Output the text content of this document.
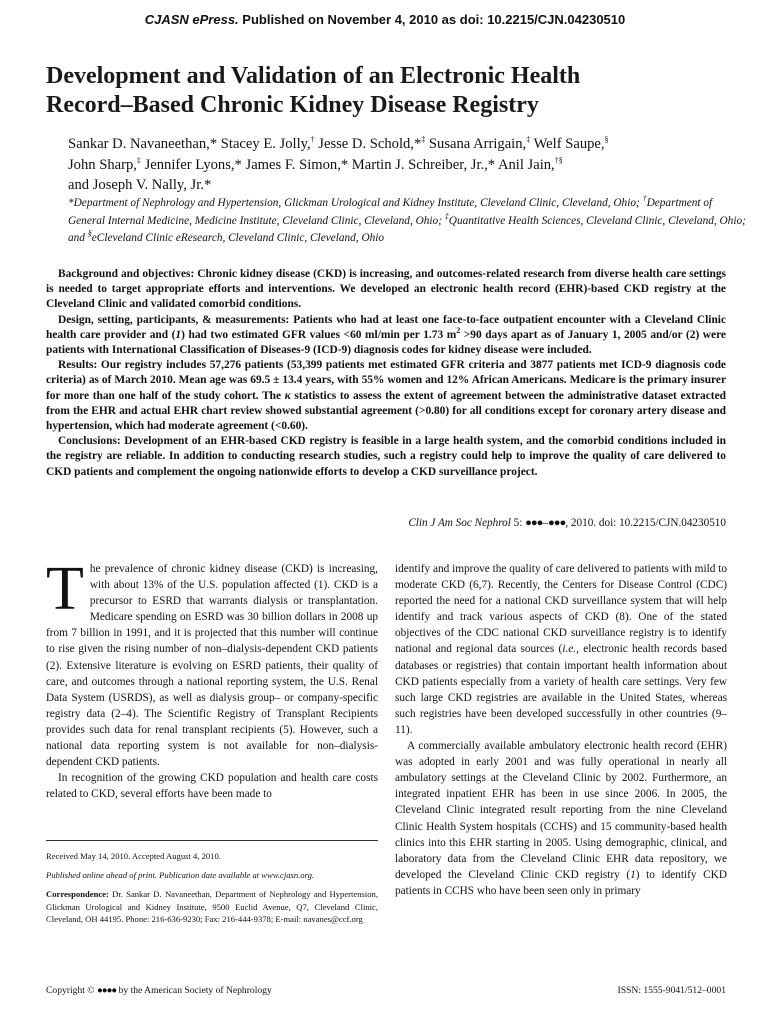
CJASN ePress. Published on November 4, 2010 as doi: 10.2215/CJN.04230510
Development and Validation of an Electronic Health
Record–Based Chronic Kidney Disease Registry
Sankar D. Navaneethan,* Stacey E. Jolly,† Jesse D. Schold,*‡ Susana Arrigain,‡ Welf Saupe,§
John Sharp,‡ Jennifer Lyons,* James F. Simon,* Martin J. Schreiber, Jr.,* Anil Jain,†§
and Joseph V. Nally, Jr.*
*Department of Nephrology and Hypertension, Glickman Urological and Kidney Institute, Cleveland Clinic, Cleveland, Ohio; †Department of General Internal Medicine, Medicine Institute, Cleveland Clinic, Cleveland, Ohio; ‡Quantitative Health Sciences, Cleveland Clinic, Cleveland, Ohio; and §eCleveland Clinic eResearch, Cleveland Clinic, Cleveland, Ohio

Background and objectives: Chronic kidney disease (CKD) is increasing, and outcomes-related research from diverse health care settings is needed to target appropriate efforts and interventions. We developed an electronic health record (EHR)-based CKD registry at the Cleveland Clinic and validated comorbid conditions.

Design, setting, participants, & measurements: Patients who had at least one face-to-face outpatient encounter with a Cleveland Clinic health care provider and (1) had two estimated GFR values <60 ml/min per 1.73 $m^2 >90$ days apart as of January 1, 2005 and/or (2) were patients with International Classification of Diseases-9 (ICD-9) diagnosis codes for kidney disease were included.

Results: Our registry includes 57,276 patients (53,399 patients met estimated GFR criteria and 3877 patients met ICD-9 diagnosis code criteria) as of March 2010. Mean age was 69.5 ± 13.4 years, with 55% women and 12% African Americans. Medicare is the primary insurer for more than one half of the study cohort. The κ statistics to assess the extent of agreement between the administrative dataset extracted from the EHR and actual EHR chart review showed substantial agreement (>0.80) for all conditions except for coronary artery disease and hypertension, which had moderate agreement (<0.60).

Conclusions: Development of an EHR-based CKD registry is feasible in a large health system, and the comorbid conditions included in the registry are reliable. In addition to conducting research studies, such a registry could help to improve the quality of care delivered to CKD patients and complement the ongoing nationwide efforts to develop a CKD surveillance project.

Clin J Am Soc Nephrol 5: ●●●–●●●, 2010. doi: 10.2215/CJN.04230510

The prevalence of chronic kidney disease (CKD) is increasing, with about 13% of the U.S. population affected (1). CKD is a precursor to ESRD that warrants dialysis or transplantation. Medicare spending on ESRD was 30 billion dollars in 2008 up from 7 billion in 1991, and it is projected that this number will continue to rise given the rising number of non–dialysis-dependent CKD patients (2). Extensive literature is evolving on ESRD patients, their quality of care, and outcomes through a national reporting system, the U.S. Renal Data System (USRDS), as well as dialysis group– or company-specific registry data (2–4). The Scientific Registry of Transplant Recipients provides such data for renal transplant recipients (5). However, such a national data reporting system is not available for non–dialysis-dependent CKD patients.

In recognition of the growing CKD population and health care costs related to CKD, several efforts have been made to

identify and improve the quality of care delivered to patients with mild to moderate CKD (6,7). Recently, the Centers for Disease Control (CDC) reported the need for a national CKD surveillance system that will help identify and track various aspects of CKD (8). One of the stated objectives of the CDC national CKD surveillance registry is to identify national and regional data sources (i.e., electronic health records based databases or registries) that contain important health information about CKD patients especially from a variety of health care settings. Very few such large CKD registries are available in the United States, whereas such registries have been developed successfully in other countries (9–11).

A commercially available ambulatory electronic health record (EHR) was adopted in early 2001 and was fully operational in nearly all ambulatory settings at the Cleveland Clinic by 2002. Furthermore, an integrated inpatient EHR has been in use since 2006. In 2005, the Cleveland Clinic integrated result reporting from the nine Cleveland Clinic Health System hospitals (CCHS) and 15 community-based health clinics into this EHR starting in 2005. Using demographic, clinical, and laboratory data from the Cleveland Clinic EHR data repository, we developed the Cleveland Clinic CKD registry (1) to identify CKD patients in CCHS who have been seen only in primary

Received May 14, 2010. Accepted August 4, 2010.

Published online ahead of print. Publication date available at www.cjasn.org.

Correspondence: Dr. Sankar D. Navaneethan, Department of Nephrology and Hypertension, Glickman Urological and Kidney Institute, 9500 Euclid Avenue, Q7, Cleveland Clinic, Cleveland, OH 44195. Phone: 216-636-9230; Fax: 216-444-9378; E-mail: navanes@ccf.org

Copyright © ●●●● by the American Society of Nephrology	ISSN: 1555-9041/512–0001
